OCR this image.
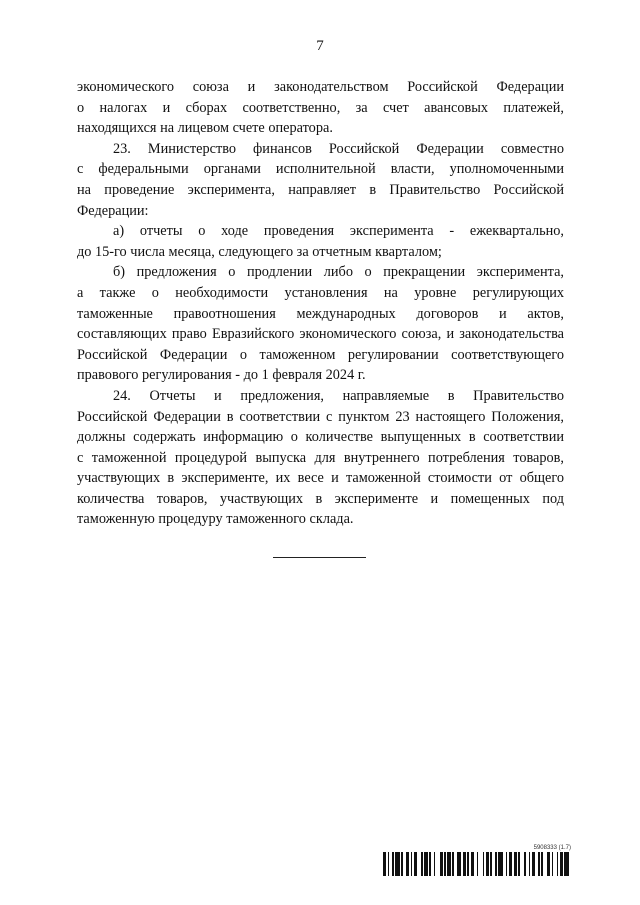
7
экономического союза и законодательством Российской Федерации
о налогах и сборах соответственно, за счет авансовых платежей,
находящихся на лицевом счете оператора.
23. Министерство финансов Российской Федерации совместно
с федеральными органами исполнительной власти, уполномоченными
на проведение эксперимента, направляет в Правительство Российской
Федерации:
а) отчеты о ходе проведения эксперимента - ежеквартально,
до 15-го числа месяца, следующего за отчетным кварталом;
б) предложения о продлении либо о прекращении эксперимента,
а также о необходимости установления на уровне регулирующих
таможенные правоотношения международных договоров и актов,
составляющих право Евразийского экономического союза, и законодательства
Российской Федерации о таможенном регулировании соответствующего
правового регулирования - до 1 февраля 2024 г.
24. Отчеты и предложения, направляемые в Правительство
Российской Федерации в соответствии с пунктом 23 настоящего Положения,
должны содержать информацию о количестве выпущенных в соответствии
с таможенной процедурой выпуска для внутреннего потребления товаров,
участвующих в эксперименте, их весе и таможенной стоимости от общего
количества товаров, участвующих в эксперименте и помещенных под
таможенную процедуру таможенного склада.
5908333 (1.7)
